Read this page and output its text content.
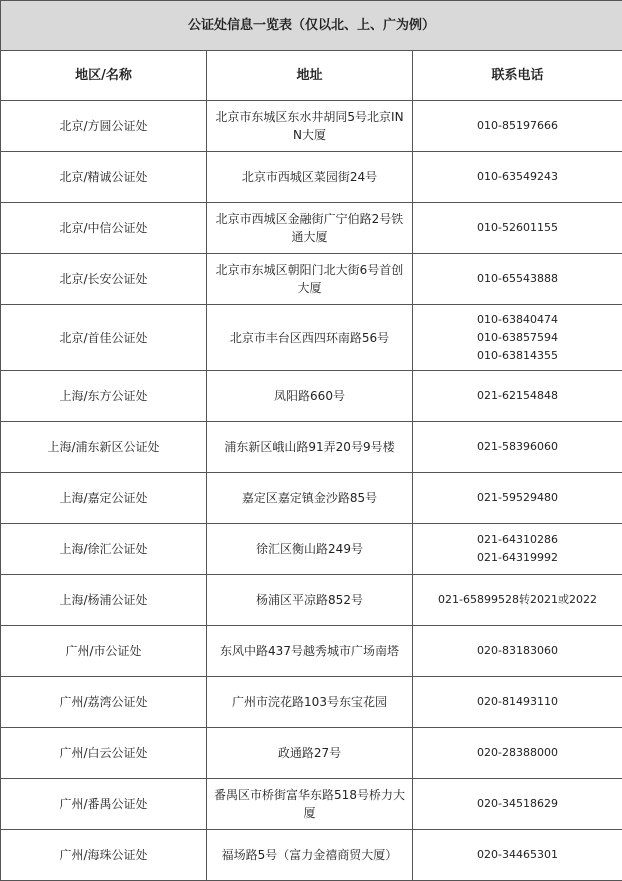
公证处信息一览表（仅以北、上、广为例）		
地区/名称	地址	联系电话
北京/方圆公证处	北京市东城区东水井胡同5号北京INN大厦	010-85197666

北京/精诚公证处	北京市西城区菜园街24号	010-63549243

北京/中信公证处	北京市西城区金融街广宁伯路2号铁通大厦	010-52601155

北京/长安公证处	北京市东城区朝阳门北大街6号首创大厦	010-65543888

北京/首佳公证处	北京市丰台区西四环南路56号	010-63840474
010-63857594
010-63814355

上海/东方公证处	凤阳路660号	021-62154848

上海/浦东新区公证处	浦东新区峨山路91弄20号9号楼	021-58396060

上海/嘉定公证处	嘉定区嘉定镇金沙路85号	021-59529480

上海/徐汇公证处	徐汇区衡山路249号	021-64310286
021-64319992

上海/杨浦公证处	杨浦区平凉路852号	021-65899528转2021或2022

广州/市公证处	东风中路437号越秀城市广场南塔	020-83183060

广州/荔湾公证处	广州市浣花路103号东宝花园	020-81493110

广州/白云公证处	政通路27号	020-28388000

广州/番禺公证处	番禺区市桥街富华东路518号桥力大厦	020-34518629

广州/海珠公证处	福场路5号（富力金禧商贸大厦）	020-34465301
